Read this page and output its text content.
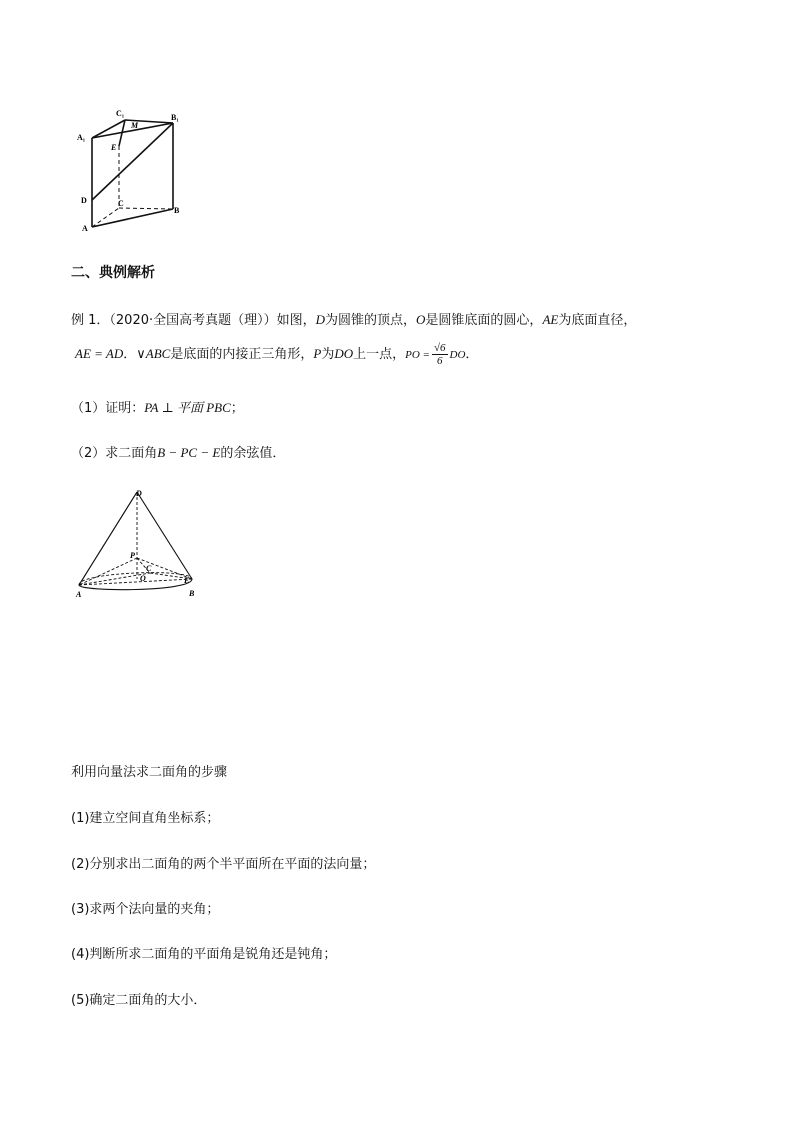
A₁
C₁	B₁
M
E
D	C
A
B
二、典例解析
例 1．（2020·全国高考真题（理））如图，D为圆锥的顶点，O是圆锥底面的圆心，AE为底面直径，
AE = AD．∨ABC是底面的内接正三角形，P为DO上一点，PO = $\frac{√6}{6}$ DO．
（1）证明：PA ⊥ 平面 PBC；
（2）求二面角B − PC − E的余弦值．
D
P
C
O	E
A	B
利用向量法求二面角的步骤
(1)建立空间直角坐标系；
(2)分别求出二面角的两个半平面所在平面的法向量；
(3)求两个法向量的夹角；
(4)判断所求二面角的平面角是锐角还是钝角；
(5)确定二面角的大小．
